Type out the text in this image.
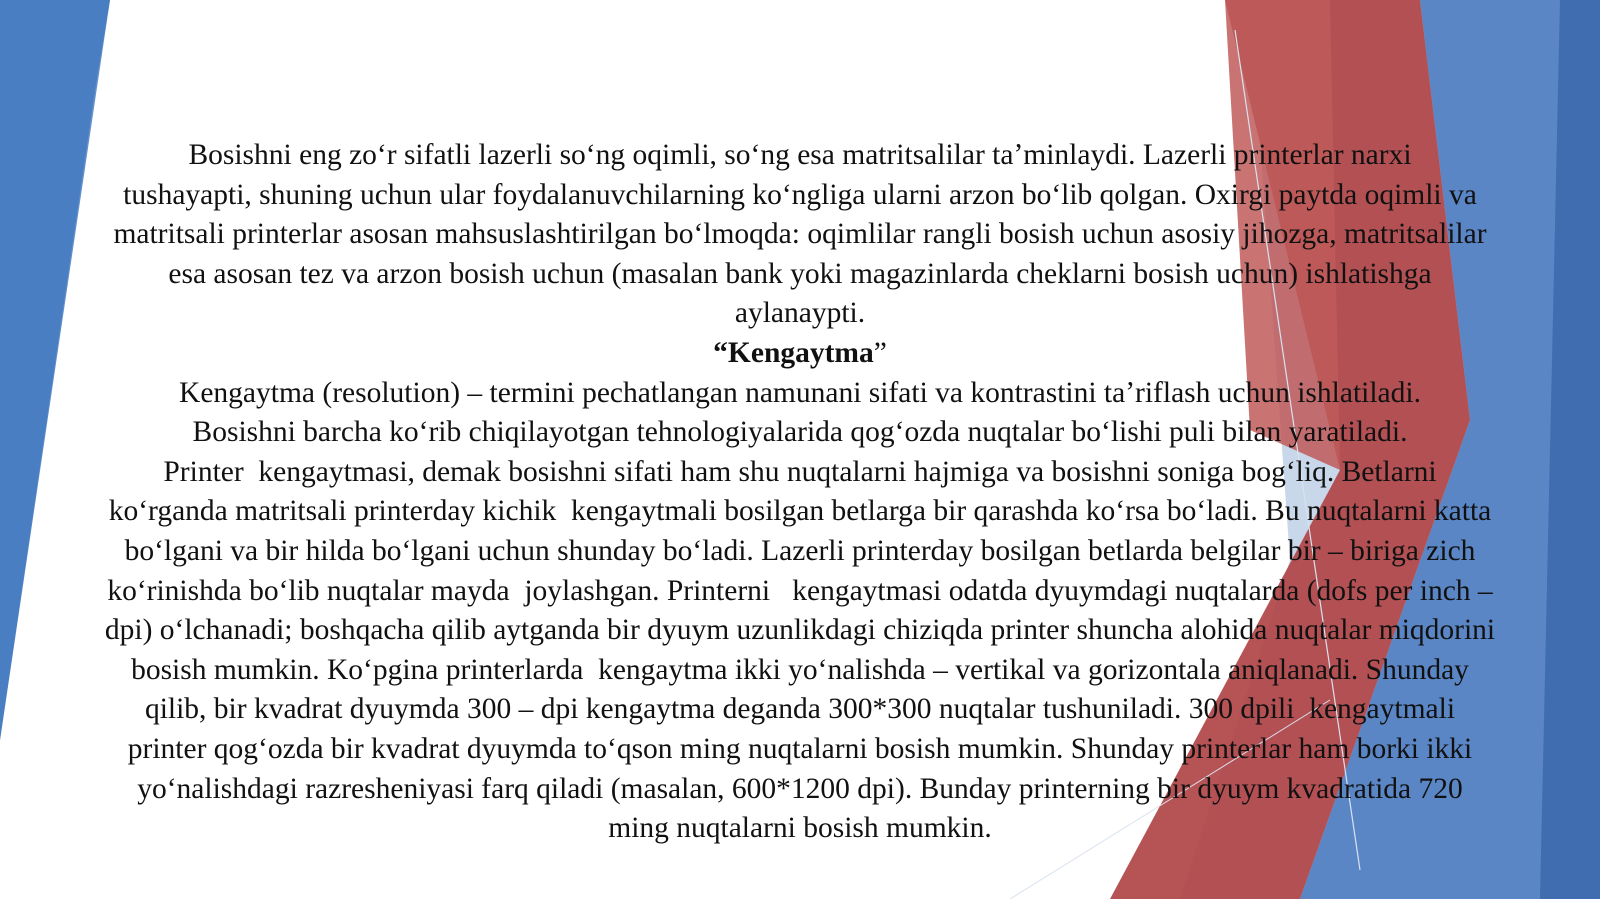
Bosishni eng zoʻr sifatli lazerli soʻng oqimli, soʻng esa matritsalilar taʼminlaydi. Lazerli printerlar narxi
tushayapti, shuning uchun ular foydalanuvchilarning koʻngliga ularni arzon boʻlib qolgan. Oxirgi paytda oqimli va
matritsali printerlar asosan mahsuslashtirilgan boʻlmoqda: oqimlilar rangli bosish uchun asosiy jihozga, matritsalilar
esa asosan tez va arzon bosish uchun (masalan bank yoki magazinlarda cheklarni bosish uchun) ishlatishga
aylanaypti.

“Kengaytma”

Kengaytma (resolution) – termini pechatlangan namunani sifati va kontrastini taʼriflash uchun ishlatiladi.
Bosishni barcha koʻrib chiqilayotgan tehnologiyalarida qogʻozda nuqtalar boʻlishi puli bilan yaratiladi.
Printer  kengaytmasi, demak bosishni sifati ham shu nuqtalarni hajmiga va bosishni soniga bogʻliq. Betlarni
koʻrganda matritsali printerday kichik  kengaytmali bosilgan betlarga bir qarashda koʻrsa boʻladi. Bu nuqtalarni katta
boʻlgani va bir hilda boʻlgani uchun shunday boʻladi. Lazerli printerday bosilgan betlarda belgilar bir – biriga zich
koʻrinishda boʻlib nuqtalar mayda  joylashgan. Printerni   kengaytmasi odatda dyuymdagi nuqtalarda (dofs per inch –
dpi) oʻlchanadi; boshqacha qilib aytganda bir dyuym uzunlikdagi chiziqda printer shuncha alohida nuqtalar miqdorini
bosish mumkin. Koʻpgina printerlarda  kengaytma ikki yoʻnalishda – vertikal va gorizontala aniqlanadi. Shunday
qilib, bir kvadrat dyuymda 300 – dpi kengaytma deganda 300*300 nuqtalar tushuniladi. 300 dpili  kengaytmali
printer qogʻozda bir kvadrat dyuymda toʻqson ming nuqtalarni bosish mumkin. Shunday printerlar ham borki ikki
yoʻnalishdagi razresheniyasi farq qiladi (masalan, 600*1200 dpi). Bunday printerning bir dyuym kvadratida 720
ming nuqtalarni bosish mumkin.
